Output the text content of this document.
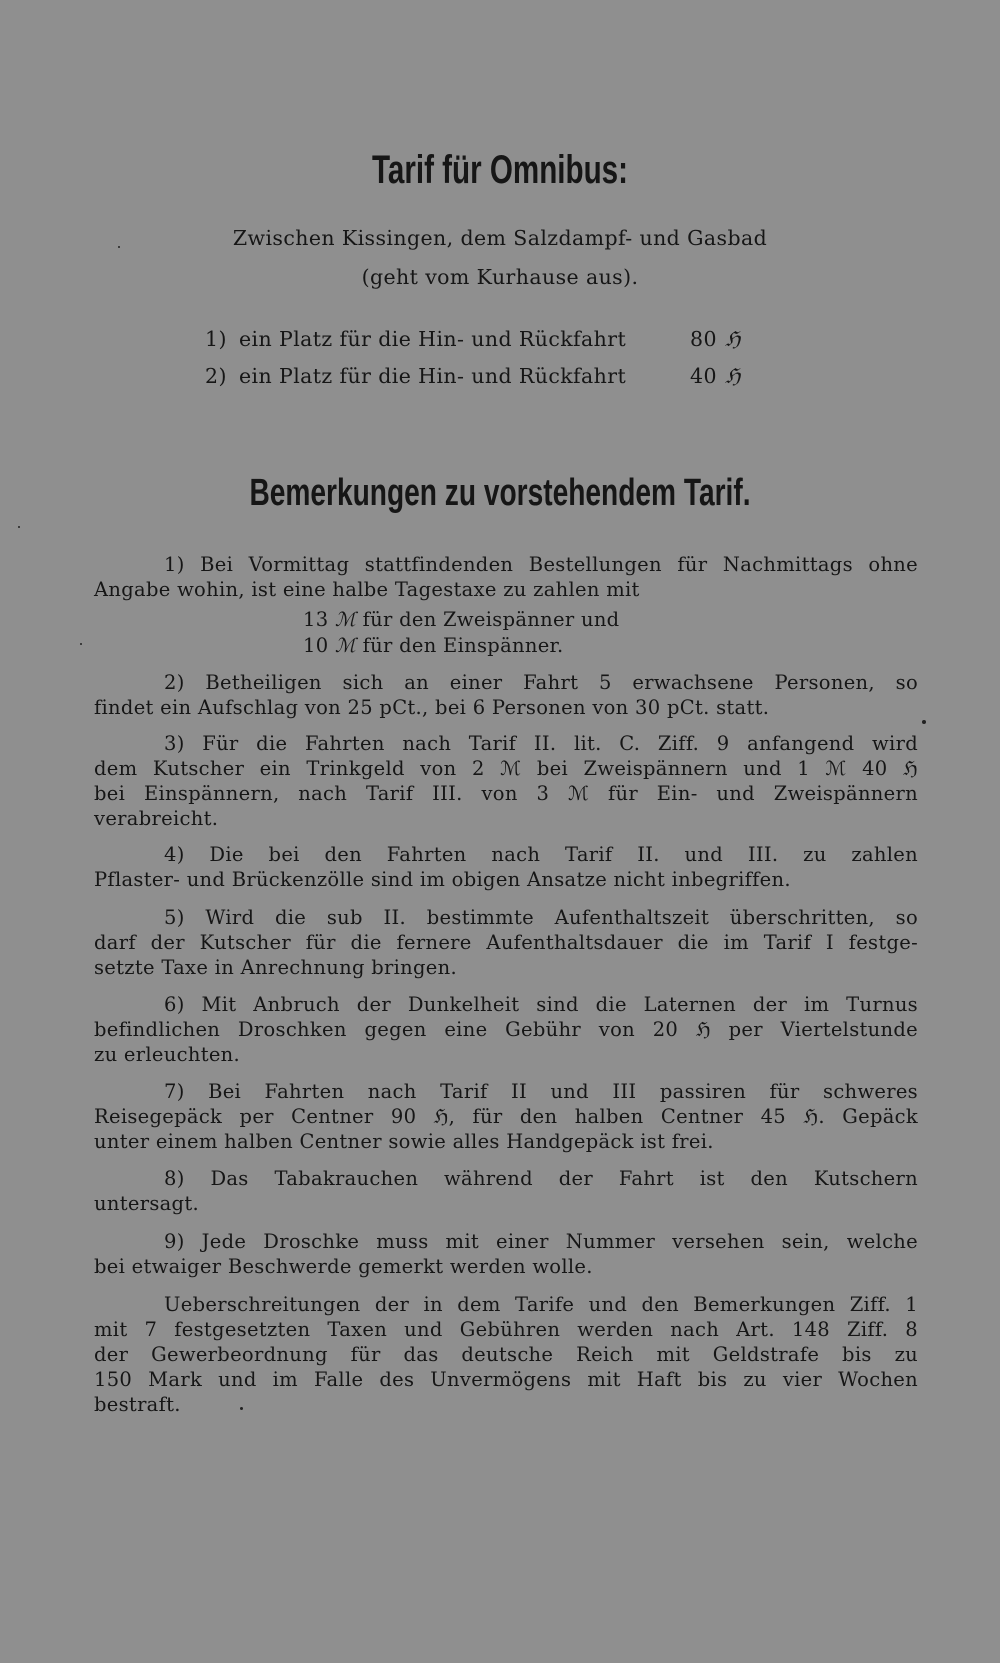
Tarif für Omnibus:
Zwischen Kissingen, dem Salzdampf- und Gasbad
(geht vom Kurhause aus).
1) ein Platz für die Hin- und Rückfahrt	80 ℌ
2) ein Platz für die Hin- und Rückfahrt	40 ℌ
Bemerkungen zu vorstehendem Tarif.
1) Bei Vormittag stattfindenden Bestellungen für Nachmittags ohne
Angabe wohin, ist eine halbe Tagestaxe zu zahlen mit
13 ℳ für den Zweispänner und
10 ℳ für den Einspänner.
2) Betheiligen sich an einer Fahrt 5 erwachsene Personen, so
findet ein Aufschlag von 25 pCt., bei 6 Personen von 30 pCt. statt.
3) Für die Fahrten nach Tarif II. lit. C. Ziff. 9 anfangend wird
dem Kutscher ein Trinkgeld von 2 ℳ bei Zweispännern und 1 ℳ 40 ℌ
bei Einspännern, nach Tarif III. von 3 ℳ für Ein- und Zweispännern
verabreicht.
4) Die bei den Fahrten nach Tarif II. und III. zu zahlen
Pflaster- und Brückenzölle sind im obigen Ansatze nicht inbegriffen.
5) Wird die sub II. bestimmte Aufenthaltszeit überschritten, so
darf der Kutscher für die fernere Aufenthaltsdauer die im Tarif I festge-
setzte Taxe in Anrechnung bringen.
6) Mit Anbruch der Dunkelheit sind die Laternen der im Turnus
befindlichen Droschken gegen eine Gebühr von 20 ℌ per Viertelstunde
zu erleuchten.
7) Bei Fahrten nach Tarif II und III passiren für schweres
Reisegepäck per Centner 90 ℌ, für den halben Centner 45 ℌ. Gepäck
unter einem halben Centner sowie alles Handgepäck ist frei.
8) Das Tabakrauchen während der Fahrt ist den Kutschern
untersagt.
9) Jede Droschke muss mit einer Nummer versehen sein, welche
bei etwaiger Beschwerde gemerkt werden wolle.
Ueberschreitungen der in dem Tarife und den Bemerkungen Ziff. 1
mit 7 festgesetzten Taxen und Gebühren werden nach Art. 148 Ziff. 8
der Gewerbeordnung für das deutsche Reich mit Geldstrafe bis zu
150 Mark und im Falle des Unvermögens mit Haft bis zu vier Wochen
bestraft.
